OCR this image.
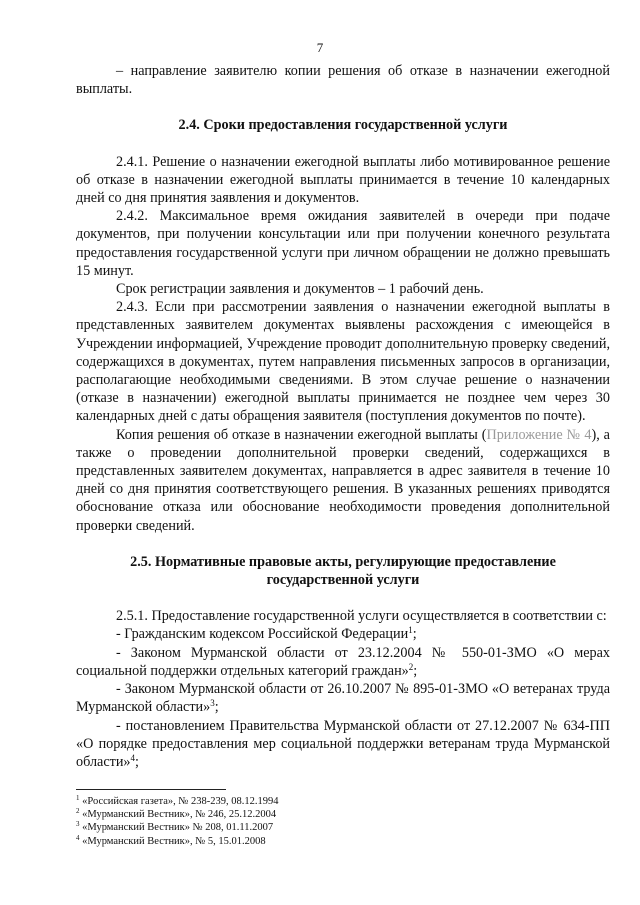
7

– направление заявителю копии решения об отказе в назначении ежегодной выплаты.

2.4. Сроки предоставления государственной услуги

2.4.1. Решение о назначении ежегодной выплаты либо мотивированное решение об отказе в назначении ежегодной выплаты принимается в течение 10 календарных дней со дня принятия заявления и документов.

2.4.2. Максимальное время ожидания заявителей в очереди при подаче документов, при получении консультации или при получении конечного результата предоставления государственной услуги при личном обращении не должно превышать 15 минут.

Срок регистрации заявления и документов – 1 рабочий день.

2.4.3. Если при рассмотрении заявления о назначении ежегодной выплаты в представленных заявителем документах выявлены расхождения с имеющейся в Учреждении информацией, Учреждение проводит дополнительную проверку сведений, содержащихся в документах, путем направления письменных запросов в организации, располагающие необходимыми сведениями. В этом случае решение о назначении (отказе в назначении) ежегодной выплаты принимается не позднее чем через 30 календарных дней с даты обращения заявителя (поступления документов по почте).

Копия решения об отказе в назначении ежегодной выплаты (Приложение № 4), а также о проведении дополнительной проверки сведений, содержащихся в представленных заявителем документах, направляется в адрес заявителя в течение 10 дней со дня принятия соответствующего решения. В указанных решениях приводятся обоснование отказа или обоснование необходимости проведения дополнительной проверки сведений.

2.5. Нормативные правовые акты, регулирующие предоставление
государственной услуги

2.5.1. Предоставление государственной услуги осуществляется в соответствии с:

- Гражданским кодексом Российской Федерации$^1$;

- Законом Мурманской области от 23.12.2004 № 550-01-ЗМО «О мерах социальной поддержки отдельных категорий граждан»$^2$;

- Законом Мурманской области от 26.10.2007 № 895-01-ЗМО «О ветеранах труда Мурманской области»$^3$;

- постановлением Правительства Мурманской области от 27.12.2007 № 634-ПП «О порядке предоставления мер социальной поддержки ветеранам труда Мурманской области»$^4$;

$^1$ «Российская газета», № 238-239, 08.12.1994

$^2$ «Мурманский Вестник», № 246, 25.12.2004

$^3$ «Мурманский Вестник» № 208, 01.11.2007

$^4$ «Мурманский Вестник», № 5, 15.01.2008
